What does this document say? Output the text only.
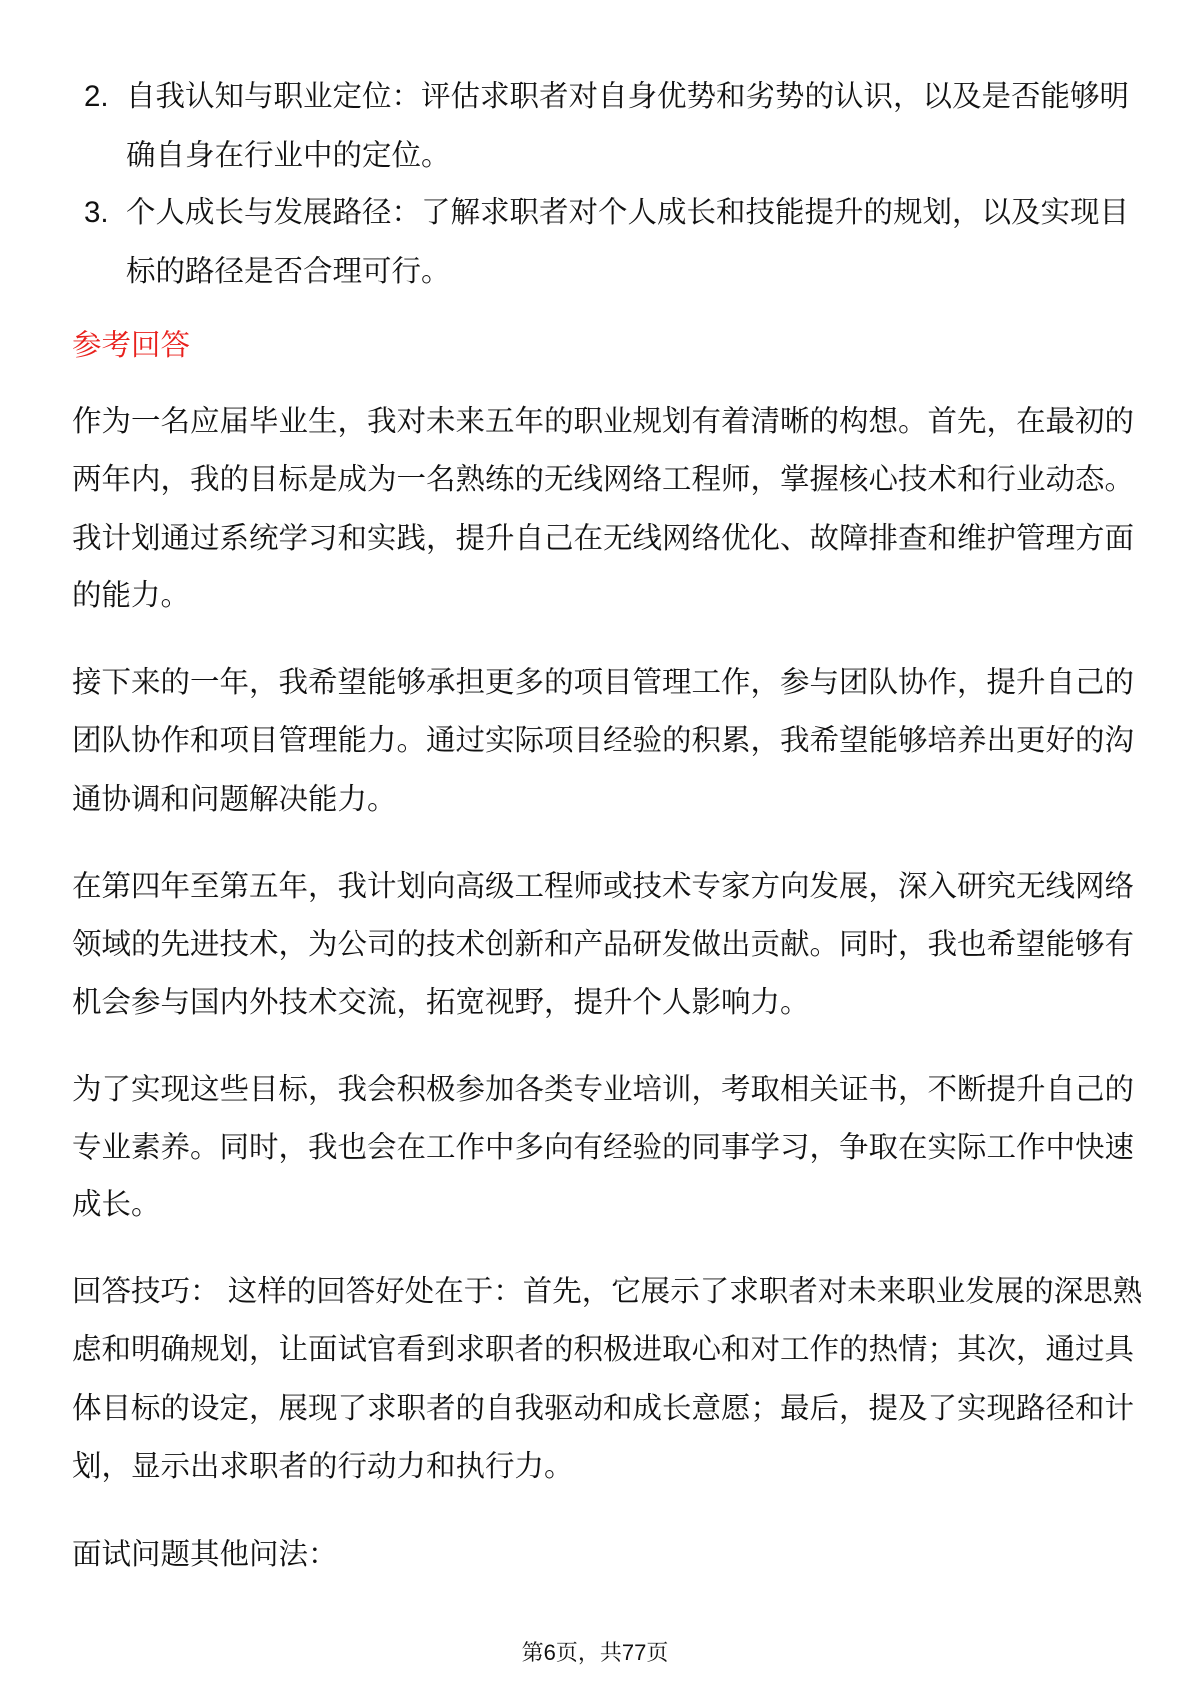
2. 自我认知与职业定位：评估求职者对自身优势和劣势的认识，以及是否能够明
确自身在行业中的定位。
3. 个人成长与发展路径：了解求职者对个人成长和技能提升的规划，以及实现目
标的路径是否合理可行。
参考回答
作为一名应届毕业生，我对未来五年的职业规划有着清晰的构想。首先，在最初的
两年内，我的目标是成为一名熟练的无线网络工程师，掌握核心技术和行业动态。
我计划通过系统学习和实践，提升自己在无线网络优化、故障排查和维护管理方面
的能力。
接下来的一年，我希望能够承担更多的项目管理工作，参与团队协作，提升自己的
团队协作和项目管理能力。通过实际项目经验的积累，我希望能够培养出更好的沟
通协调和问题解决能力。
在第四年至第五年，我计划向高级工程师或技术专家方向发展，深入研究无线网络
领域的先进技术，为公司的技术创新和产品研发做出贡献。同时，我也希望能够有
机会参与国内外技术交流，拓宽视野，提升个人影响力。
为了实现这些目标，我会积极参加各类专业培训，考取相关证书，不断提升自己的
专业素养。同时，我也会在工作中多向有经验的同事学习，争取在实际工作中快速
成长。
回答技巧： 这样的回答好处在于：首先，它展示了求职者对未来职业发展的深思熟
虑和明确规划，让面试官看到求职者的积极进取心和对工作的热情；其次，通过具
体目标的设定，展现了求职者的自我驱动和成长意愿；最后，提及了实现路径和计
划，显示出求职者的行动力和执行力。
面试问题其他问法：
第6页，共77页
